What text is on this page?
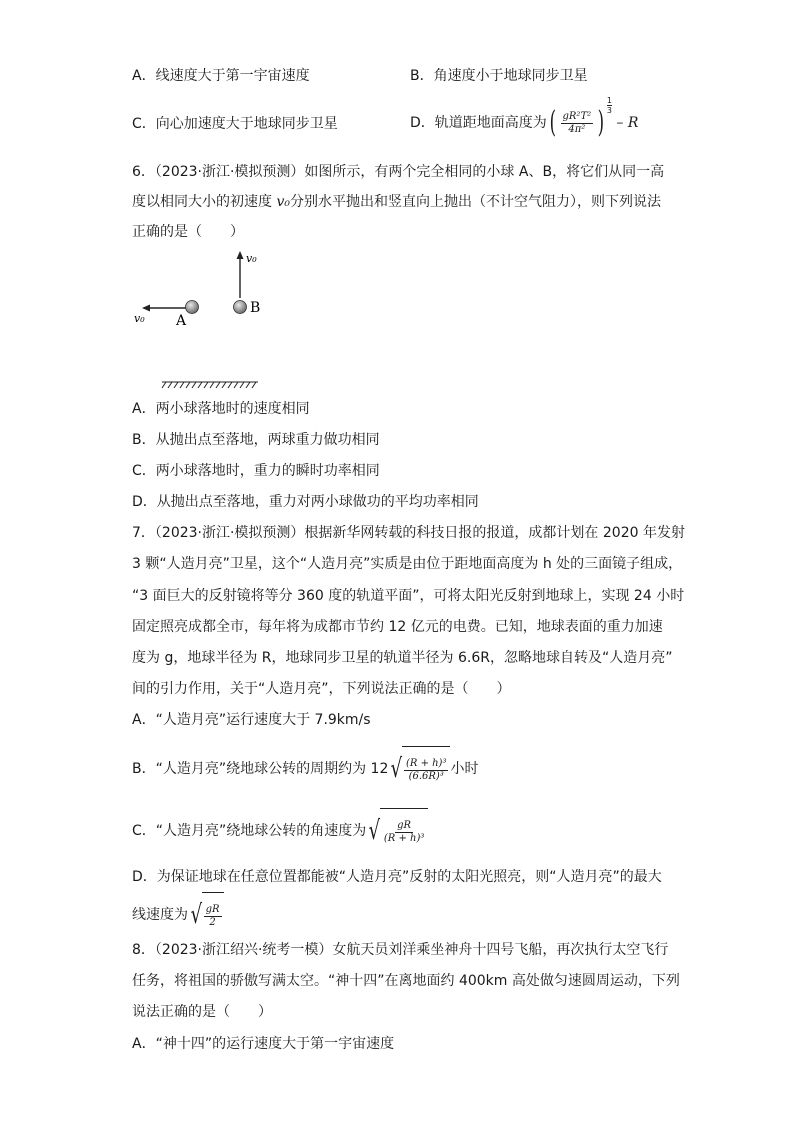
A．线速度大于第一宇宙速度	B．角速度小于地球同步卫星
C．向心加速度大于地球同步卫星	D．轨道距地面高度为( $\frac{\text{gR²T²}}{\text{4π²}}$ ) $\frac{1}{3}$
– R
6．（2023·浙江·模拟预测）如图所示，有两个完全相同的小球 A、B，将它们从同一高
度以相同大小的初速度 v₀分别水平抛出和竖直向上抛出（不计空气阻力），则下列说法
正确的是（　　）
v₀
v₀ A
B
A．两小球落地时的速度相同
B．从抛出点至落地，两球重力做功相同
C．两小球落地时，重力的瞬时功率相同
D．从抛出点至落地，重力对两小球做功的平均功率相同
7．（2023·浙江·模拟预测）根据新华网转载的科技日报的报道，成都计划在 2020 年发射
3 颗“人造月亮”卫星，这个“人造月亮”实质是由位于距地面高度为 h 处的三面镜子组成，
“3 面巨大的反射镜将等分 360 度的轨道平面”，可将太阳光反射到地球上，实现 24 小时
固定照亮成都全市，每年将为成都市节约 12 亿元的电费。已知，地球表面的重力加速
度为 g，地球半径为 R，地球同步卫星的轨道半径为 6.6R，忽略地球自转及“人造月亮”
间的引力作用，关于“人造月亮”，下列说法正确的是（　　）
A．“人造月亮”运行速度大于 7.9km/s
B．“人造月亮”绕地球公转的周期约为 12 √ $\frac{\text{(R + h)³}}{\text{(6.6R)³}}$ 小时
C．“人造月亮”绕地球公转的角速度为 √ $\frac{gR}{\text{(R + h)³}}$
D．为保证地球在任意位置都能被“人造月亮”反射的太阳光照亮，则“人造月亮”的最大
线速度为 √ $\frac{gR}{2}$
8．（2023·浙江绍兴·统考一模）女航天员刘洋乘坐神舟十四号飞船，再次执行太空飞行
任务，将祖国的骄傲写满太空。“神十四”在离地面约 400km 高处做匀速圆周运动，下列
说法正确的是（　　）
A．“神十四”的运行速度大于第一宇宙速度
